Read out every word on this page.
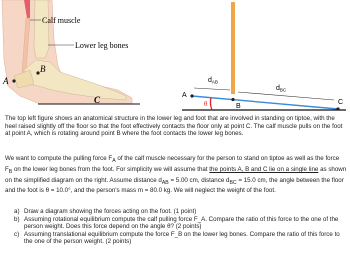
Calf muscle
Lower leg bones
A
B
C
$d_{AB}$
$d_{BC}$
θ
A
B
C
The top left figure shows an anatomical structure in the lower leg and foot that are involved in standing on tiptoe, with the heel raised slightly off the floor so that the foot effectively contacts the floor only at point C. The calf muscle pulls on the foot at point A, which is rotating around point B where the foot contacts the lower leg bones.
We want to compute the pulling force $F_A$ of the calf muscle necessary for the person to stand on tiptoe as well as the force $F_B$ on the lower leg bones from the foot. For simplicity we will assume that the points A, B and C lie on a single line as shown on the simplified diagram on the right. Assume distance $d_{AB} = 5.00$ cm, distance $d_{BC} = 15.0$ cm, the angle between the floor and the foot is θ = 10.0°, and the person's mass m = 80.0 kg. We will neglect the weight of the foot.
a) Draw a diagram showing the forces acting on the foot. (1 point)
b) Assuming rotational equilibrium compute the calf pulling force F_A. Compare the ratio of this force to the one of the person weight. Does this force depend on the angle θ? (2 points)
c) Assuming translational equilibrium compute the force F_B on the lower leg bones. Compare the ratio of this force to the one of the person weight. (2 points)
